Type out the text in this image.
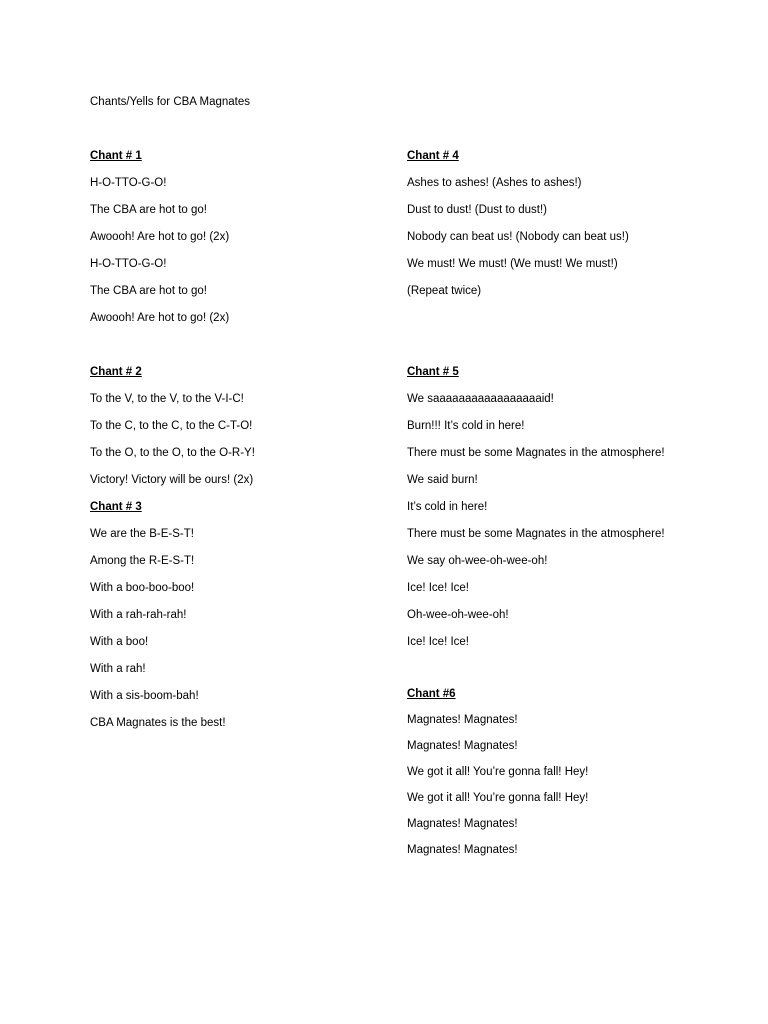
Chants/Yells for CBA Magnates
Chant # 1
H-O-TTO-G-O!
The CBA are hot to go!
Awoooh! Are hot to go! (2x)
H-O-TTO-G-O!
The CBA are hot to go!
Awoooh! Are hot to go! (2x)
Chant # 2
To the V, to the V, to the V-I-C!
To the C, to the C, to the C-T-O!
To the O, to the O, to the O-R-Y!
Victory! Victory will be ours! (2x)
Chant # 3
We are the B-E-S-T!
Among the R-E-S-T!
With a boo-boo-boo!
With a rah-rah-rah!
With a boo!
With a rah!
With a sis-boom-bah!
CBA Magnates is the best!
Chant # 4
Ashes to ashes! (Ashes to ashes!)
Dust to dust! (Dust to dust!)
Nobody can beat us! (Nobody can beat us!)
We must! We must! (We must! We must!)
(Repeat twice)
Chant # 5
We saaaaaaaaaaaaaaaaaid!
Burn!!! It’s cold in here!
There must be some Magnates in the atmosphere!
We said burn!
It’s cold in here!
There must be some Magnates in the atmosphere!
We say oh-wee-oh-wee-oh!
Ice! Ice! Ice!
Oh-wee-oh-wee-oh!
Ice! Ice! Ice!
Chant #6
Magnates! Magnates!
Magnates! Magnates!
We got it all! You’re gonna fall! Hey!
We got it all! You’re gonna fall! Hey!
Magnates! Magnates!
Magnates! Magnates!
